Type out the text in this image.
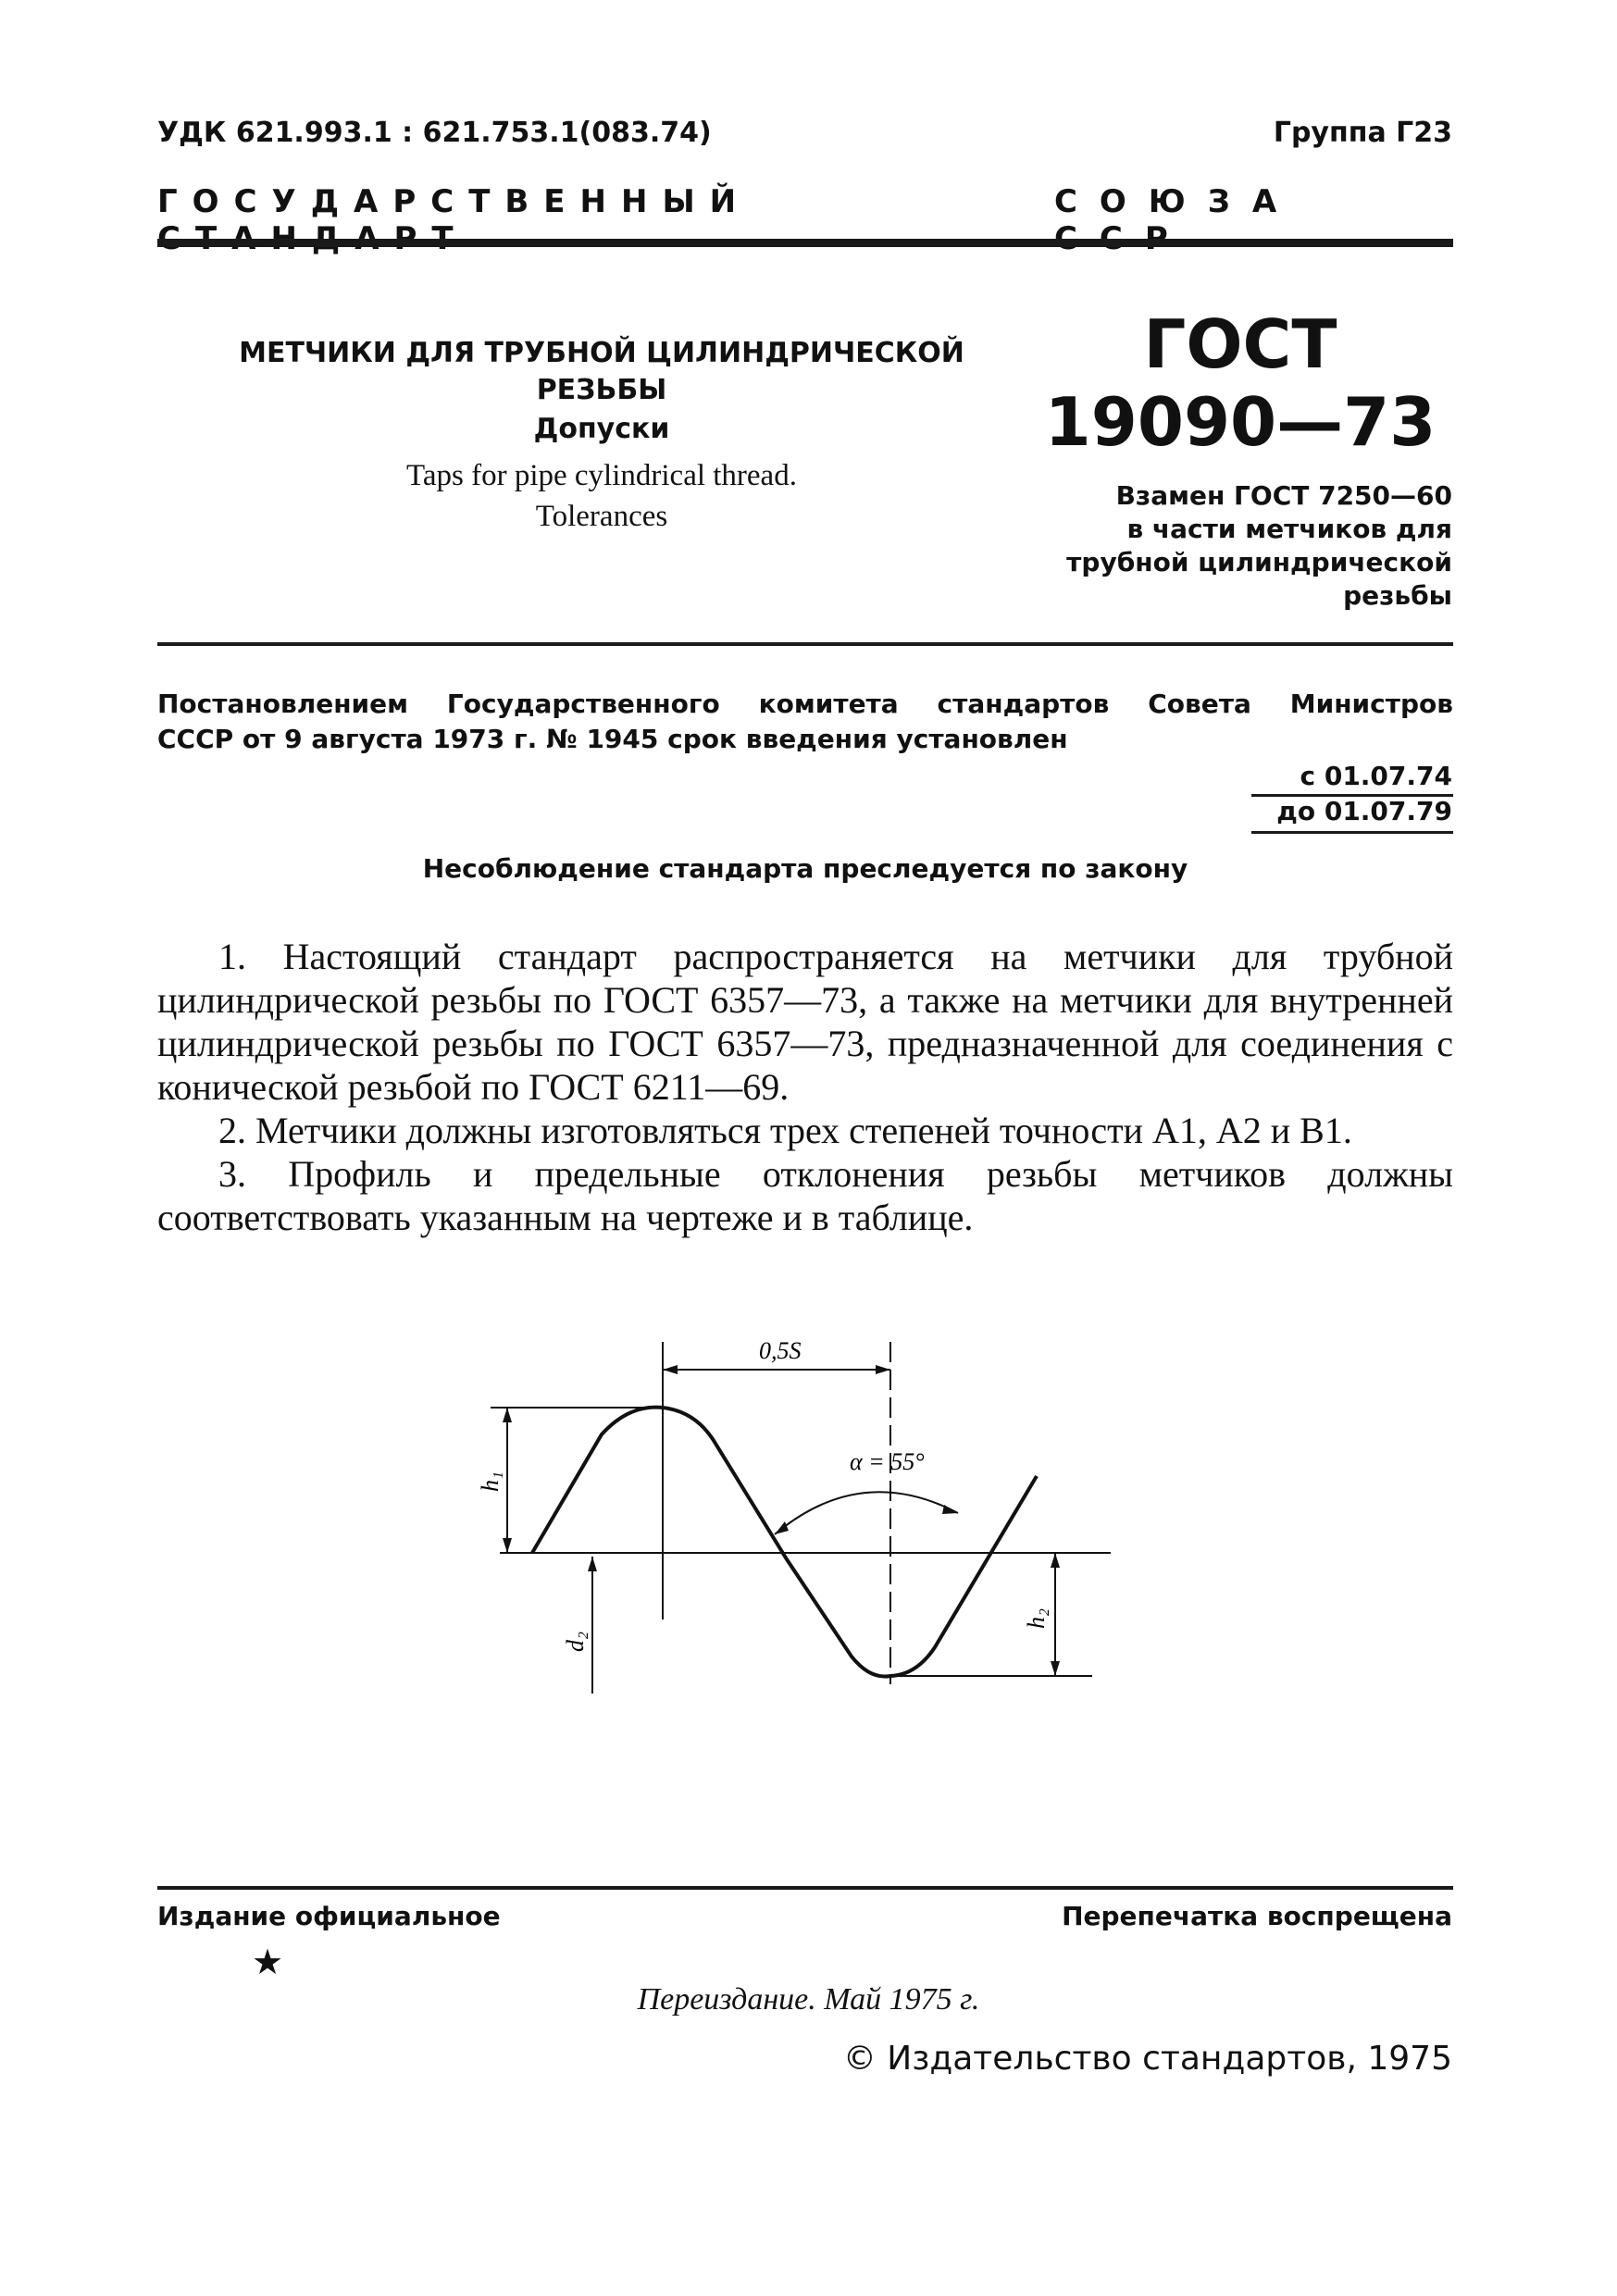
УДК 621.993.1 : 621.753.1(083.74)	Группа Г23
ГОСУДАРСТВЕННЫЙ	СОЮЗА
МЕТЧИКИ ДЛЯ ТРУБНОЙ ЦИЛИНДРИЧЕСКОЙ
РЕЗЬБЫ
Допуски
Taps for pipe cylindrical thread.
Tolerances
ГОСТ
19090—73
Взамен ГОСТ 7250—60
в части метчиков для
трубной цилиндрической
резьбы
Постановлением Государственного комитета стандартов Совета Министров
СССР от 9 августа 1973 г. № 1945 срок введения установлен
с 01.07.74
до 01.07.79
Несоблюдение стандарта преследуется по закону

1. Настоящий стандарт распространяется на метчики для трубной цилиндрической резьбы по ГОСТ 6357—73, а также на метчики для внутренней цилиндрической резьбы по ГОСТ 6357—73, предназначенной для соединения с конической резьбой по ГОСТ 6211—69.

2. Метчики должны изготовляться трех степеней точности А1, А2 и В1.

3. Профиль и предельные отклонения резьбы метчиков должны соответствовать указанным на чертеже и в таблице.

0,5S
α = 55°
h₁
h₂
d₂
Издание официальное	Перепечатка воспрещена
★
Переиздание. Май 1975 г.
© Издательство стандартов, 1975
